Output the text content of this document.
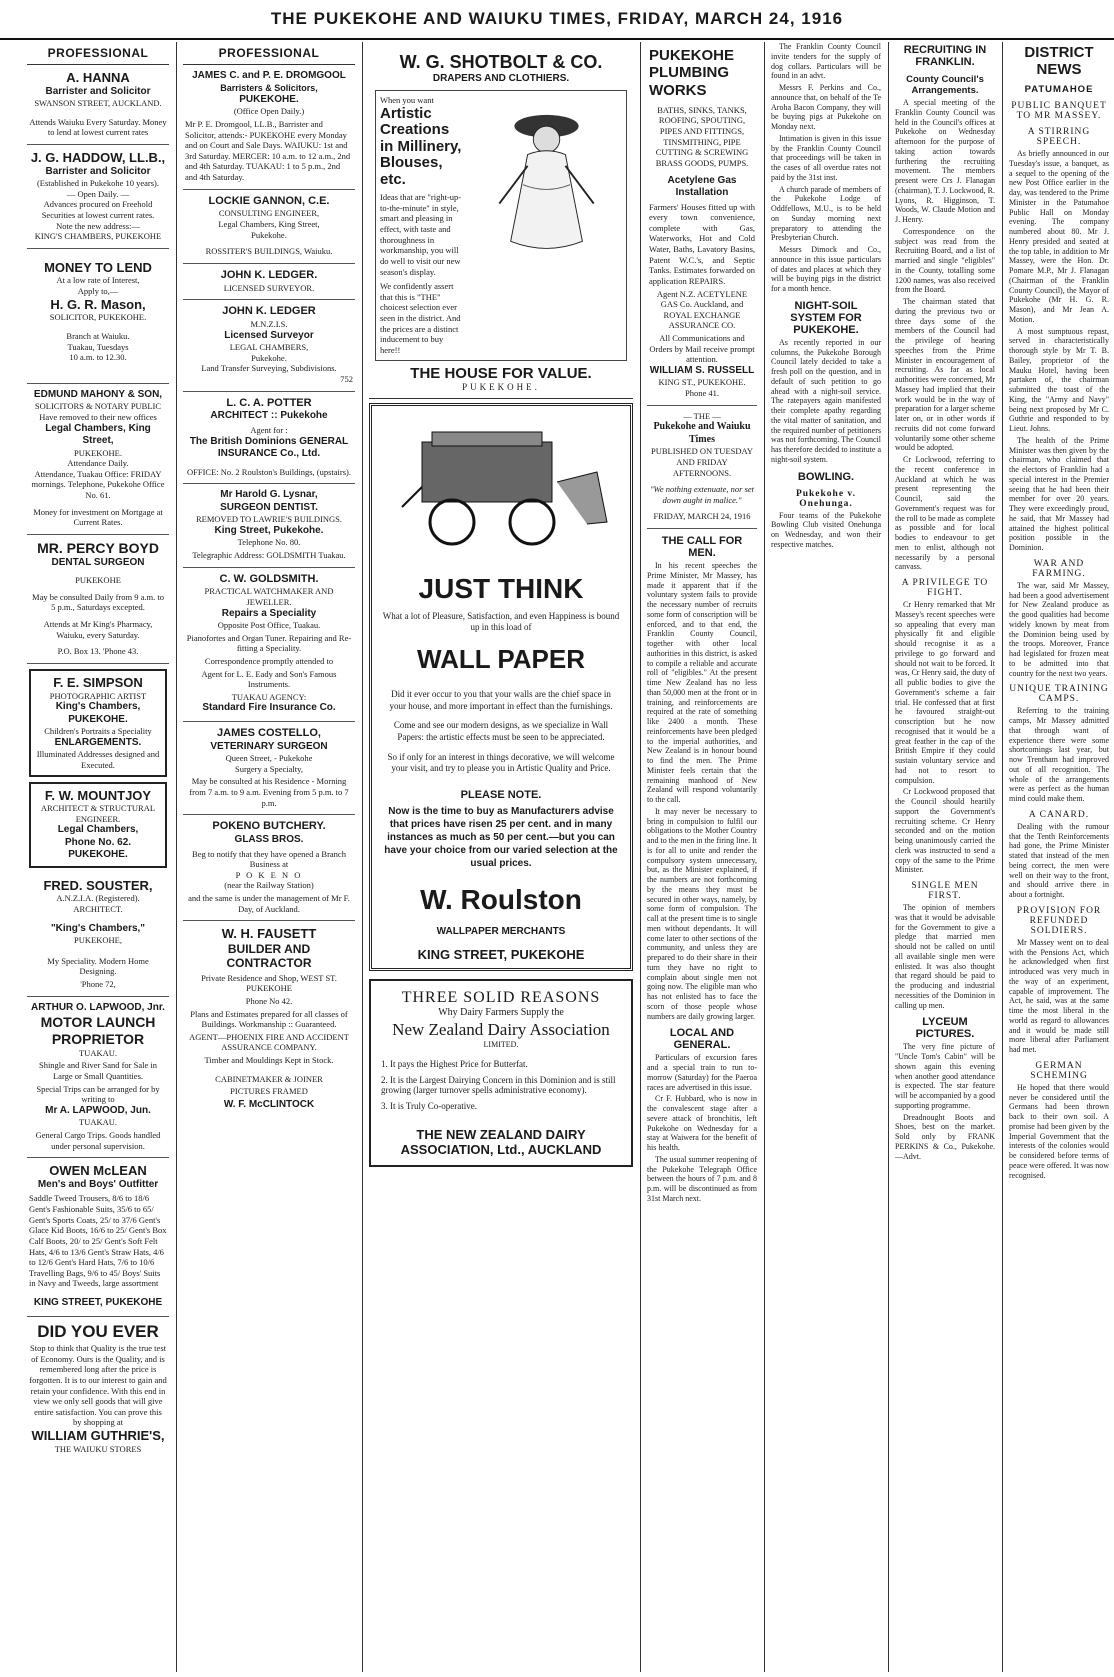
THE PUKEKOHE AND WAIUKU TIMES, FRIDAY, MARCH 24, 1916
PROFESSIONAL
A. HANNA
Barrister and Solicitor
SWANSON STREET, AUCKLAND.

Attends Waiuku Every Saturday. Money to lend at lowest current rates

J. G. HADDOW, LL.B.,
Barrister and Solicitor
(Established in Pukekohe 10 years).
— Open Daily. —
Advances procured on Freehold Securities at lowest current rates.
Note the new address:—
KING'S CHAMBERS, PUKEKOHE
MONEY TO LEND
At a low rate of Interest,
Apply to,—
H. G. R. Mason,
SOLICITOR, PUKEKOHE.

Branch at Waiuku.

Tuakau, Tuesdays
10 a.m. to 12.30.
EDMUND MAHONY & SON,
SOLICITORS & NOTARY PUBLIC
Have removed to their new offices
Legal Chambers, King Street,
PUKEKOHE.
Attendance Daily.
Attendance, Tuakau Office: FRIDAY mornings. Telephone, Pukekohe Office No. 61.

Money for investment on Mortgage at Current Rates.

MR. PERCY BOYD
DENTAL SURGEON

PUKEKOHE

May be consulted Daily from 9 a.m. to 5 p.m., Saturdays excepted.

Attends at Mr King's Pharmacy, Waiuku, every Saturday.

P.O. Box 13. 'Phone 43.

F. E. SIMPSON
PHOTOGRAPHIC ARTIST
King's Chambers,
PUKEKOHE.
Children's Portraits a Speciality
ENLARGEMENTS.
Illuminated Addresses designed and Executed.
F. W. MOUNTJOY
ARCHITECT & STRUCTURAL ENGINEER.
Legal Chambers,
Phone No. 62. PUKEKOHE.
FRED. SOUSTER,
A.N.Z.I.A. (Registered).
ARCHITECT.
"King's Chambers,"
PUKEKOHE,

My Speciality. Modern Home Designing.

'Phone 72,

ARTHUR O. LAPWOOD, Jnr.
MOTOR LAUNCH PROPRIETOR
TUAKAU.

Shingle and River Sand for Sale in Large or Small Quantities.

Special Trips can be arranged for by writing to

Mr A. LAPWOOD, Jun.
TUAKAU.

General Cargo Trips. Goods handled under personal supervision.

OWEN McLEAN
Men's and Boys' Outfitter

Saddle Tweed Trousers, 8/6 to 18/6 Gent's Fashionable Suits, 35/6 to 65/ Gent's Sports Coats, 25/ to 37/6 Gent's Glace Kid Boots, 16/6 to 25/ Gent's Box Calf Boots, 20/ to 25/ Gent's Soft Felt Hats, 4/6 to 13/6 Gent's Straw Hats, 4/6 to 12/6 Gent's Hard Hats, 7/6 to 10/6 Travelling Bags, 9/6 to 45/ Boys' Suits in Navy and Tweeds, large assortment

KING STREET, PUKEKOHE
DID YOU EVER

Stop to think that Quality is the true test of Economy. Ours is the Quality, and is remembered long after the price is forgotten. It is to our interest to gain and retain your confidence. With this end in view we only sell goods that will give entire satisfaction. You can prove this by shopping at

WILLIAM GUTHRIE'S,
THE WAIUKU STORES
PROFESSIONAL
JAMES C. and P. E. DROMGOOL
Barristers & Solicitors,
PUKEKOHE.
(Office Open Daily.)

Mr P. E. Dromgool, LL.B., Barrister and Solicitor, attends:- PUKEKOHE every Monday and on Court and Sale Days. WAIUKU: 1st and 3rd Saturday. MERCER: 10 a.m. to 12 a.m., 2nd and 4th Saturday. TUAKAU: 1 to 5 p.m., 2nd and 4th Saturday.

LOCKIE GANNON, C.E.
CONSULTING ENGINEER,
Legal Chambers, King Street,
Pukekohe.

ROSSITER'S BUILDINGS, Waiuku.

JOHN K. LEDGER.
LICENSED SURVEYOR.
JOHN K. LEDGER
M.N.Z.I.S.
Licensed Surveyor
LEGAL CHAMBERS,
Pukekohe.
Land Transfer Surveying, Subdivisions.
752
L. C. A. POTTER
ARCHITECT :: Pukekohe

Agent for :

The British Dominions GENERAL INSURANCE Co., Ltd.

OFFICE: No. 2 Roulston's Buildings, (upstairs).

Mr Harold G. Lysnar,
SURGEON DENTIST.
REMOVED TO LAWRIE'S BUILDINGS.
King Street, Pukekohe.
Telephone No. 80.

Telegraphic Address: GOLDSMITH Tuakau.

C. W. GOLDSMITH.
PRACTICAL WATCHMAKER AND JEWELLER.
Repairs a Speciality
Opposite Post Office, Tuakau.

Pianofortes and Organ Tuner. Repairing and Re-fitting a Speciality.

Correspondence promptly attended to

Agent for L. E. Eady and Son's Famous Instruments.

TUAKAU AGENCY:

Standard Fire Insurance Co.
JAMES COSTELLO,
VETERINARY SURGEON
Queen Street, - Pukekohe
Surgery a Specialty,

May be consulted at his Residence - Morning from 7 a.m. to 9 a.m. Evening from 5 p.m. to 7 p.m.

POKENO BUTCHERY.
GLASS BROS.

Beg to notify that they have opened a Branch Business at

P O K E N O
(near the Railway Station)

and the same is under the management of Mr F. Day, of Auckland.

W. H. FAUSETT
BUILDER AND CONTRACTOR

Private Residence and Shop, WEST ST. PUKEKOHE

Phone No 42.

Plans and Estimates prepared for all classes of Buildings. Workmanship :: Guaranteed.

AGENT—PHOENIX FIRE AND ACCIDENT ASSURANCE COMPANY.

Timber and Mouldings Kept in Stock.

CABINETMAKER & JOINER

PICTURES FRAMED

W. F. McCLINTOCK

W. G. SHOTBOLT & CO.
DRAPERS AND CLOTHIERS.
When you want
Artistic Creations in Millinery, Blouses, etc.

Ideas that are "right-up-to-the-minute" in style, smart and pleasing in effect, with taste and thoroughness in workmanship, you will do well to visit our new season's display.

We confidently assert that this is "THE" choicest selection ever seen in the district. And the prices are a distinct inducement to buy here!!

THE HOUSE FOR VALUE.
PUKEKOHE.
JUST THINK

What a lot of Pleasure, Satisfaction, and even Happiness is bound up in this load of

WALL PAPER

Did it ever occur to you that your walls are the chief space in your house, and more important in effect than the furnishings.

Come and see our modern designs, as we specialize in Wall Papers: the artistic effects must be seen to be appreciated.

So if only for an interest in things decorative, we will welcome your visit, and try to please you in Artistic Quality and Price.

PLEASE NOTE.

Now is the time to buy as Manufacturers advise that prices have risen 25 per cent. and in many instances as much as 50 per cent.—but you can have your choice from our varied selection at the usual prices.

W. Roulston
WALLPAPER MERCHANTS
KING STREET, PUKEKOHE
THREE SOLID REASONS
Why Dairy Farmers Supply the
New Zealand Dairy Association
LIMITED.

1. It pays the Highest Price for Butterfat.

2. It is the Largest Dairying Concern in this Dominion and is still growing (larger turnover spells administrative economy).

3. It is Truly Co-operative.

THE NEW ZEALAND DAIRY ASSOCIATION, Ltd., AUCKLAND
PUKEKOHE PLUMBING WORKS

BATHS, SINKS, TANKS, ROOFING, SPOUTING, PIPES AND FITTINGS, TINSMITHING, PIPE CUTTING & SCREWING BRASS GOODS, PUMPS.

Acetylene Gas Installation

Farmers' Houses fitted up with every town convenience, complete with Gas, Waterworks, Hot and Cold Water, Baths, Lavatory Basins, Patent W.C.'s, and Septic Tanks. Estimates forwarded on application REPAIRS.

Agent N.Z. ACETYLENE GAS Co. Auckland, and ROYAL EXCHANGE ASSURANCE CO.

All Communications and Orders by Mail receive prompt attention.

WILLIAM S. RUSSELL
KING ST., PUKEKOHE.
Phone 41.
— THE —
Pukekohe and Waiuku Times
PUBLISHED ON TUESDAY AND FRIDAY AFTERNOONS.

"We nothing extenuate, nor set down aught in malice."

FRIDAY, MARCH 24, 1916

THE CALL FOR MEN.

In his recent speeches the Prime Minister, Mr Massey, has made it apparent that if the voluntary system fails to provide the necessary number of recruits some form of conscription will be enforced, and to that end, the Franklin County Council, together with other local authorities in this district, is asked to compile a reliable and accurate roll of "eligibles." At the present time New Zealand has no less than 50,000 men at the front or in training, and reinforcements are required at the rate of something like 2400 a month. These reinforcements have been pledged to the imperial authorities, and New Zealand is in honour bound to find the men. The Prime Minister feels certain that the remaining manhood of New Zealand will respond voluntarily to the call.

It may never be necessary to bring in compulsion to fulfil our obligations to the Mother Country and to the men in the firing line. It is for all to unite and render the compulsory system unnecessary, but, as the Minister explained, if the numbers are not forthcoming by the means they must be secured in other ways, namely, by some form of compulsion. The call at the present time is to single men without dependants. It will come later to other sections of the community, and unless they are prepared to do their share in their turn they have no right to complain about single men not going now. The eligible man who has not enlisted has to face the scorn of those people whose numbers are daily growing larger.

LOCAL AND GENERAL.

Particulars of excursion fares and a special train to run to-morrow (Saturday) for the Paeroa races are advertised in this issue.

Cr F. Hubbard, who is now in the convalescent stage after a severe attack of bronchitis, left Pukekohe on Wednesday for a stay at Waiwera for the benefit of his health.

The usual summer reopening of the Pukekohe Telegraph Office between the hours of 7 p.m. and 8 p.m. will be discontinued as from 31st March next.

The Franklin County Council invite tenders for the supply of dog collars. Particulars will be found in an advt.

Messrs F. Perkins and Co., announce that, on behalf of the Te Aroha Bacon Company, they will be buying pigs at Pukekohe on Monday next.

Intimation is given in this issue by the Franklin County Council that proceedings will be taken in the cases of all overdue rates not paid by the 31st inst.

A church parade of members of the Pukekohe Lodge of Oddfellows, M.U., is to be held on Sunday morning next preparatory to attending the Presbyterian Church.

Messrs Dimock and Co., announce in this issue particulars of dates and places at which they will be buying pigs in the district for a month hence.

NIGHT-SOIL SYSTEM FOR PUKEKOHE.

As recently reported in our columns, the Pukekohe Borough Council lately decided to take a fresh poll on the question, and in default of such petition to go ahead with a night-soil service. The ratepayers again manifested their complete apathy regarding the vital matter of sanitation, and the required number of petitioners was not forthcoming. The Council has therefore decided to institute a night-soil system.

BOWLING.
Pukekohe v. Onehunga.

Four teams of the Pukekohe Bowling Club visited Onehunga on Wednesday, and won their respective matches.

RECRUITING IN FRANKLIN.
County Council's Arrangements.

A special meeting of the Franklin County Council was held in the Council's offices at Pukekohe on Wednesday afternoon for the purpose of taking action towards furthering the recruiting movement. The members present were Crs J. Flanagan (chairman), T. J. Lockwood, R. Lyons, R. Higginson, T. Woods, W. Claude Motion and J. Henry.

Correspondence on the subject was read from the Recruiting Board, and a list of married and single "eligibles" in the County, totalling some 1200 names, was also received from the Board.

The chairman stated that during the previous two or three days some of the members of the Council had the privilege of hearing speeches from the Prime Minister in encouragement of recruiting. As far as local authorities were concerned, Mr Massey had implied that their work would be in the way of preparation for a larger scheme later on, or in other words if recruits did not come forward voluntarily some other scheme would be adopted.

Cr Lockwood, referring to the recent conference in Auckland at which he was present representing the Council, said the Government's request was for the roll to be made as complete as possible and for local bodies to endeavour to get men to enlist, although not necessarily by a personal canvass.

A PRIVILEGE TO FIGHT.

Cr Henry remarked that Mr Massey's recent speeches were so appealing that every man physically fit and eligible should recognise it as a privilege to go forward and should not wait to be forced. It was, Cr Henry said, the duty of all public bodies to give the Government's scheme a fair trial. He confessed that at first he favoured straight-out conscription but he now recognised that it would be a great feather in the cap of the British Empire if they could sustain voluntary service and had not to resort to compulsion.

Cr Lockwood proposed that the Council should heartily support the Government's recruiting scheme. Cr Henry seconded and on the motion being unanimously carried the clerk was instructed to send a copy of the same to the Prime Minister.

SINGLE MEN FIRST.

The opinion of members was that it would be advisable for the Government to give a pledge that married men should not be called on until all available single men were enlisted. It was also thought that regard should be paid to the producing and industrial necessities of the Dominion in calling up men.

LYCEUM PICTURES.

The very fine picture of "Uncle Tom's Cabin" will be shown again this evening when another good attendance is expected. The star feature will be accompanied by a good supporting programme.

Dreadnought Boots and Shoes, best on the market. Sold only by FRANK PERKINS & Co., Pukekohe.—Advt.

DISTRICT NEWS
PATUMAHOE
PUBLIC BANQUET TO MR MASSEY.
A STIRRING SPEECH.

As briefly announced in our Tuesday's issue, a banquet, as a sequel to the opening of the new Post Office earlier in the day, was tendered to the Prime Minister in the Patumahoe Public Hall on Monday evening. The company numbered about 80. Mr J. Henry presided and seated at the top table, in addition to Mr Massey, were the Hon. Dr. Pomare M.P., Mr J. Flanagan (Chairman of the Franklin County Council), the Mayor of Pukekohe (Mr H. G. R. Mason), and Mr Jean A. Motion.

A most sumptuous repast, served in characteristically thorough style by Mr T. B. Bailey, proprietor of the Mauku Hotel, having been partaken of, the chairman submitted the toast of the King, the "Army and Navy" being next proposed by Mr C. Guthrie and responded to by Lieut. Johns.

The health of the Prime Minister was then given by the chairman, who claimed that the electors of Franklin had a special interest in the Premier seeing that he had been their member for over 20 years. They were exceedingly proud, he said, that Mr Massey had attained the highest political position possible in the Dominion.

WAR AND FARMING.

The war, said Mr Massey, had been a good advertisement for New Zealand produce as the good qualities had become widely known by meat from the Dominion being used by the troops. Moreover, France had legislated for frozen meat to be admitted into that country for the next two years.

UNIQUE TRAINING CAMPS.

Referring to the training camps, Mr Massey admitted that through want of experience there were some shortcomings last year, but now Trentham had improved out of all recognition. The whole of the arrangements were as perfect as the human mind could make them.

A CANARD.

Dealing with the rumour that the Tenth Reinforcements had gone, the Prime Minister stated that instead of the men being correct, the men were well on their way to the front, and should arrive there in about a fortnight.

PROVISION FOR REFUNDED SOLDIERS.

Mr Massey went on to deal with the Pensions Act, which he acknowledged when first introduced was very much in the way of an experiment, capable of improvement. The Act, he said, was at the same time the most liberal in the world as regard to allowances and it would be made still more liberal after Parliament had met.

GERMAN SCHEMING

He hoped that there would never be considered until the Germans had been thrown back to their own soil. A promise had been given by the Imperial Government that the interests of the colonies would be considered before terms of peace were offered. It was now recognised.
